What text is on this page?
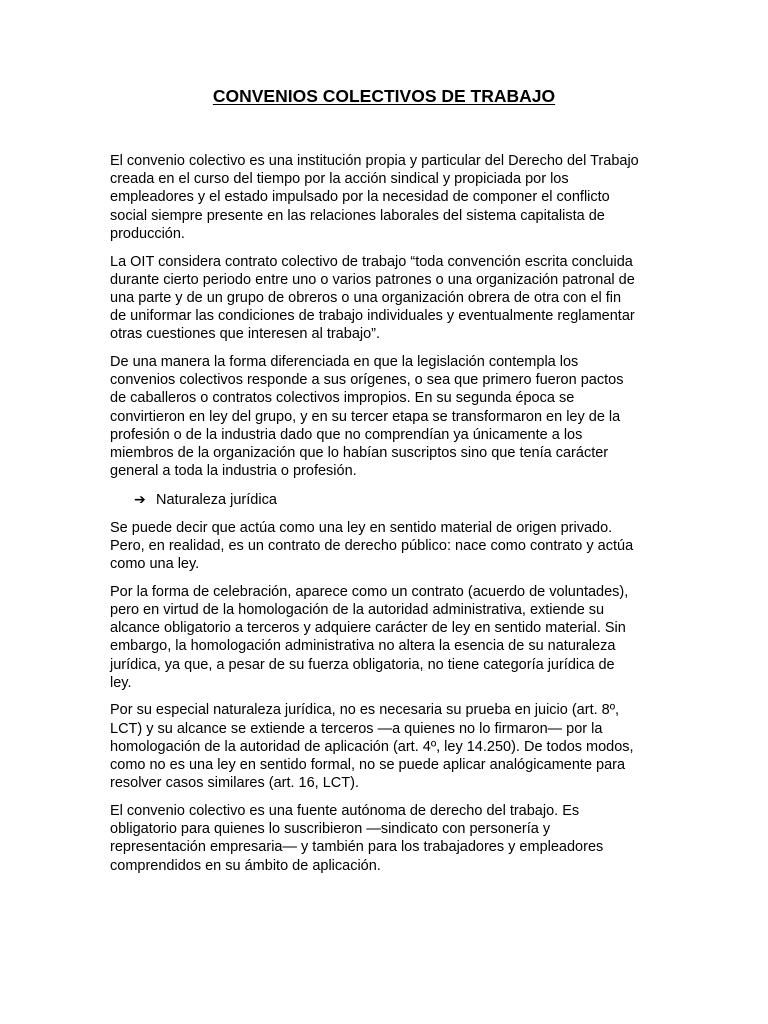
CONVENIOS COLECTIVOS DE TRABAJO

El convenio colectivo es una institución propia y particular del Derecho del Trabajo creada en el curso del tiempo por la acción sindical y propiciada por los empleadores y el estado impulsado por la necesidad de componer el conflicto social siempre presente en las relaciones laborales del sistema capitalista de producción.

La OIT considera contrato colectivo de trabajo “toda convención escrita concluida durante cierto periodo entre uno o varios patrones o una organización patronal de una parte y de un grupo de obreros o una organización obrera de otra con el fin de uniformar las condiciones de trabajo individuales y eventualmente reglamentar otras cuestiones que interesen al trabajo”.

De una manera la forma diferenciada en que la legislación contempla los convenios colectivos responde a sus orígenes, o sea que primero fueron pactos de caballeros o contratos colectivos impropios. En su segunda época se convirtieron en ley del grupo, y en su tercer etapa se transformaron en ley de la profesión o de la industria dado que no comprendían ya únicamente a los miembros de la organización que lo habían suscriptos sino que tenía carácter general a toda la industria o profesión.

➔ Naturaleza jurídica

Se puede decir que actúa como una ley en sentido material de origen privado. Pero, en realidad, es un contrato de derecho público: nace como contrato y actúa como una ley.

Por la forma de celebración, aparece como un contrato (acuerdo de voluntades), pero en virtud de la homologación de la autoridad administrativa, extiende su alcance obligatorio a terceros y adquiere carácter de ley en sentido material. Sin embargo, la homologación administrativa no altera la esencia de su naturaleza jurídica, ya que, a pesar de su fuerza obligatoria, no tiene categoría jurídica de ley.

Por su especial naturaleza jurídica, no es necesaria su prueba en juicio (art. 8º, LCT) y su alcance se extiende a terceros —a quienes no lo firmaron— por la homologación de la autoridad de aplicación (art. 4º, ley 14.250). De todos modos, como no es una ley en sentido formal, no se puede aplicar analógicamente para resolver casos similares (art. 16, LCT).

El convenio colectivo es una fuente autónoma de derecho del trabajo. Es obligatorio para quienes lo suscribieron —sindicato con personería y representación empresaria— y también para los trabajadores y empleadores comprendidos en su ámbito de aplicación.
